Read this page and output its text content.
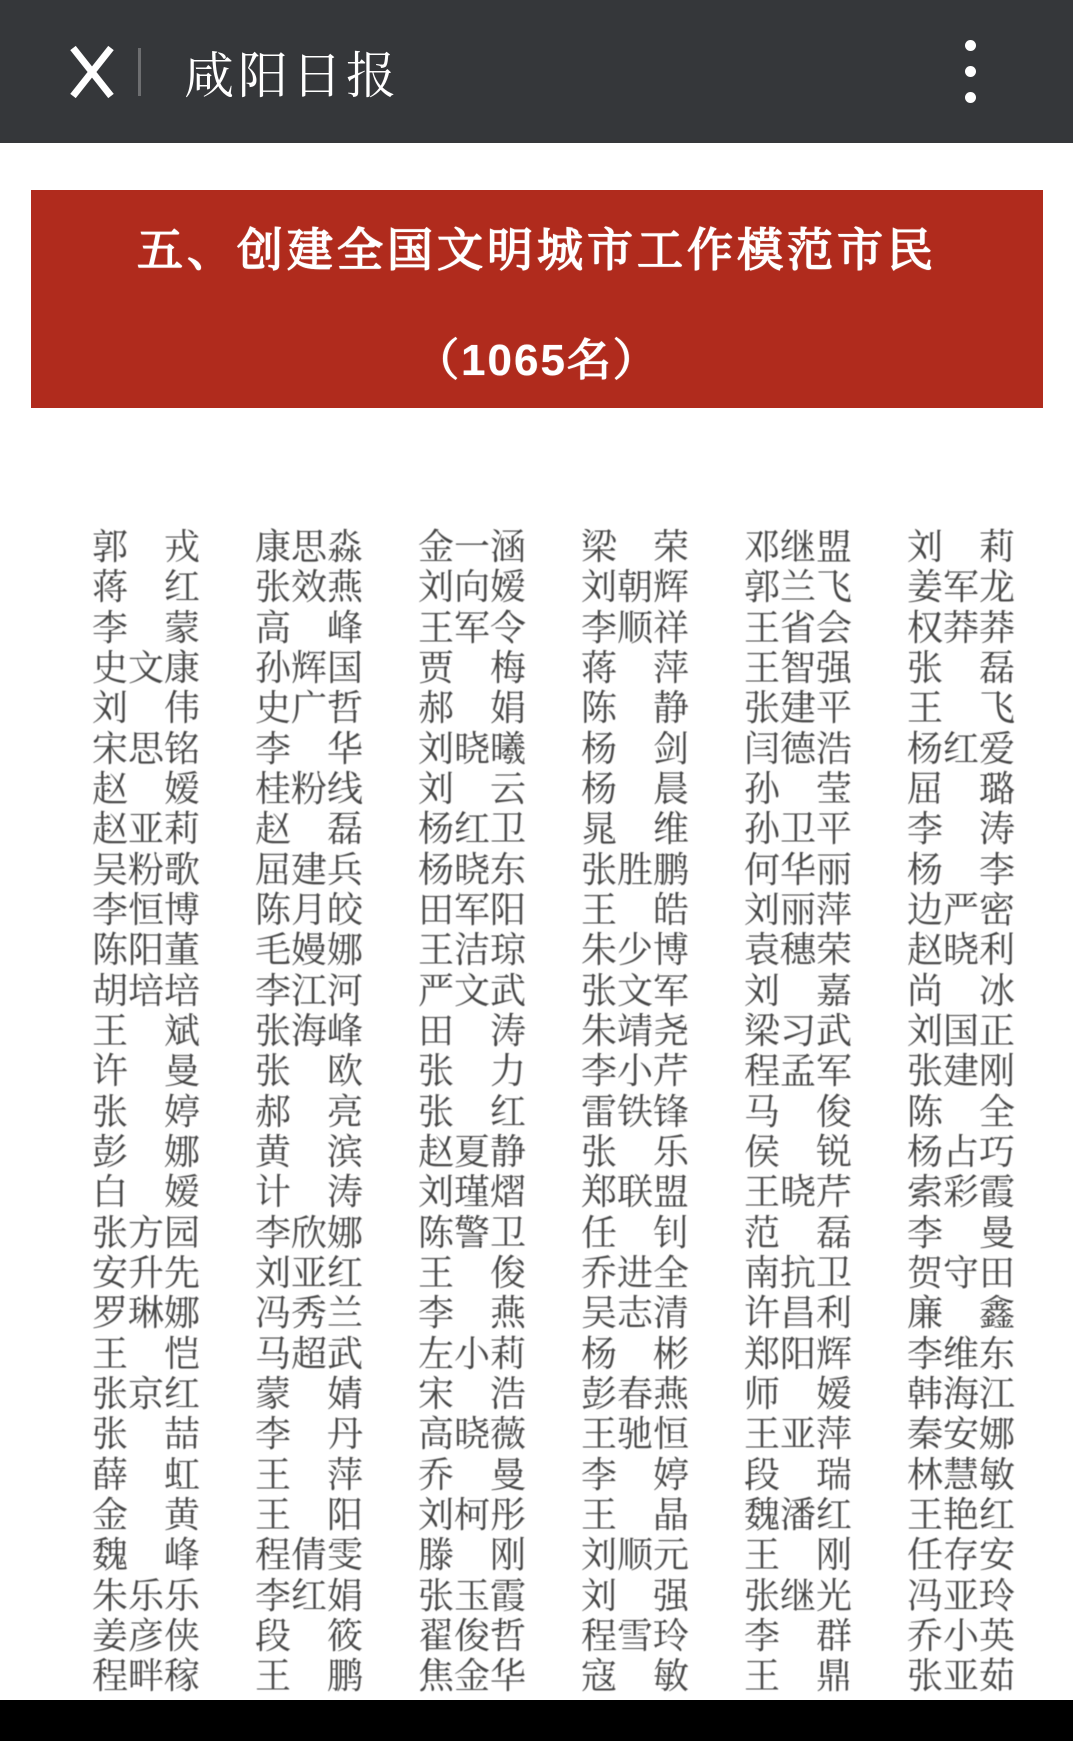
咸阳日报
五、创建全国文明城市工作模范市民
（1065名）
郭　戎 康思淼 金一涵 梁　荣 邓继盟 刘　莉
蒋　红 张效燕 刘向嫒 刘朝辉 郭兰飞 姜军龙
李　蒙 高　峰 王军令 李顺祥 王省会 权莽莽
史文康 孙辉国 贾　梅 蒋　萍 王智强 张　磊
刘　伟 史广哲 郝　娟 陈　静 张建平 王　飞
宋思铭 李　华 刘晓曦 杨　剑 闫德浩 杨红爱
赵　嫒 桂粉线 刘　云 杨　晨 孙　莹 屈　璐
赵亚莉 赵　磊 杨红卫 晁　维 孙卫平 李　涛
吴粉歌 屈建兵 杨晓东 张胜鹏 何华丽 杨　李
李恒博 陈月皎 田军阳 王　皓 刘丽萍 边严密
陈阳董 毛嫚娜 王洁琼 朱少博 袁穗荣 赵晓利
胡培培 李江河 严文武 张文军 刘　嘉 尚　冰
王　斌 张海峰 田　涛 朱靖尧 梁习武 刘国正
许　曼 张　欧 张　力 李小芹 程孟军 张建刚
张　婷 郝　亮 张　红 雷铁锋 马　俊 陈　全
彭　娜 黄　滨 赵夏静 张　乐 侯　锐 杨占巧
白　嫒 计　涛 刘瑾熠 郑联盟 王晓芹 索彩霞
张方园 李欣娜 陈警卫 任　钊 范　磊 李　曼
安升先 刘亚红 王　俊 乔进全 南抗卫 贺守田
罗琳娜 冯秀兰 李　燕 吴志清 许昌利 廉　鑫
王　恺 马超武 左小莉 杨　彬 郑阳辉 李维东
张京红 蒙　婧 宋　浩 彭春燕 师　嫒 韩海江
张　喆 李　丹 高晓薇 王驰恒 王亚萍 秦安娜
薛　虹 王　萍 乔　曼 李　婷 段　瑞 林慧敏
金　黄 王　阳 刘柯彤 王　晶 魏潘红 王艳红
魏　峰 程倩雯 滕　刚 刘顺元 王　刚 任存安
朱乐乐 李红娟 张玉霞 刘　强 张继光 冯亚玲
姜彦侠 段　筱 翟俊哲 程雪玲 李　群 乔小英
程畔稼 王　鹏 焦金华 寇　敏 王　鼎 张亚茹
